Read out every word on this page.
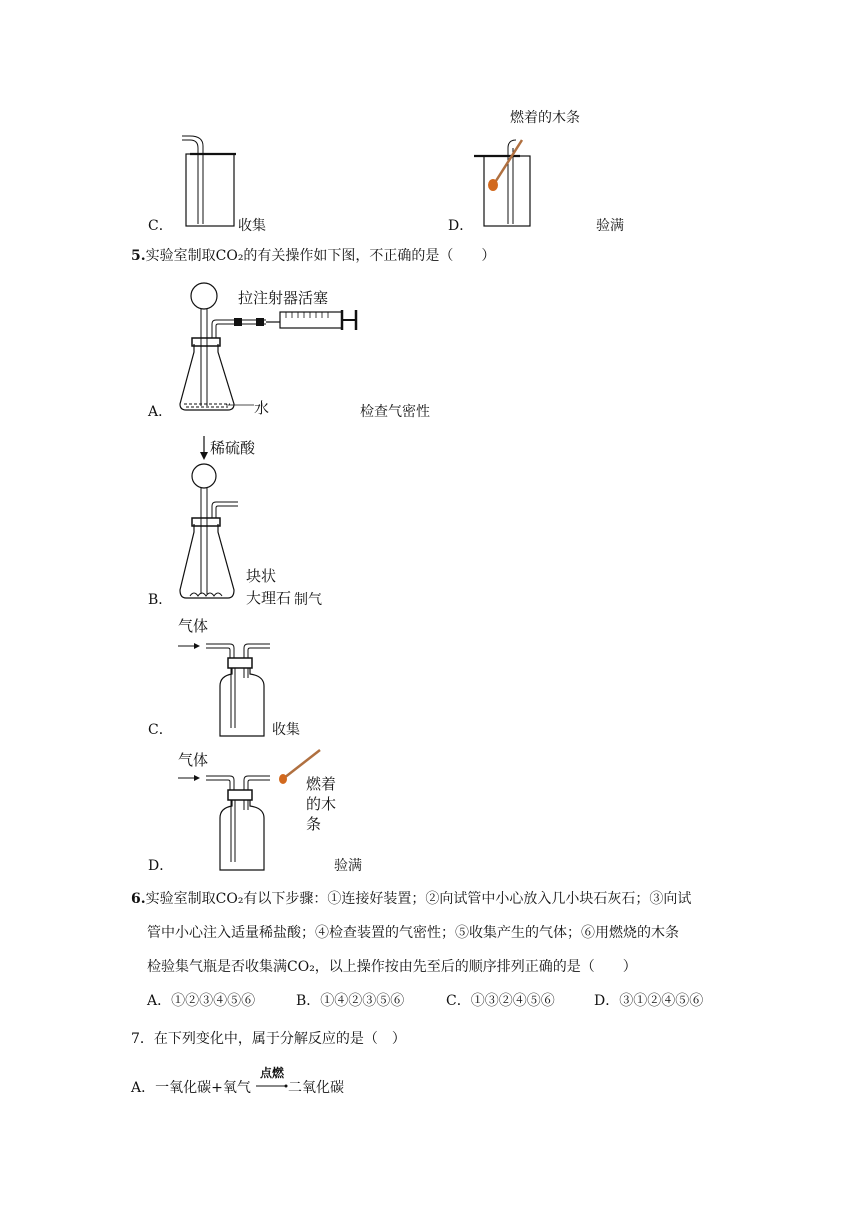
C．	收集
燃着的木条
D．	验满
5.实验室制取CO₂的有关操作如下图，不正确的是（　　）
拉注射器活塞
水
A．	检查气密性
稀硫酸
块状
大理石
B．	制气
气体
C．	收集
气体
燃着
的木
条
D．	验满
6.实验室制取CO₂有以下步骤：①连接好装置；②向试管中小心放入几小块石灰石；③向试
管中小心注入适量稀盐酸；④检查装置的气密性；⑤收集产生的气体；⑥用燃烧的木条
检验集气瓶是否收集满CO₂，以上操作按由先至后的顺序排列正确的是（　　）
A．①②③④⑤⑥	B．①④②③⑤⑥	C．①③②④⑤⑥	D．③①②④⑤⑥
7．在下列变化中，属于分解反应的是（　）
A．一氧化碳+氧气
点燃
二氧化碳
